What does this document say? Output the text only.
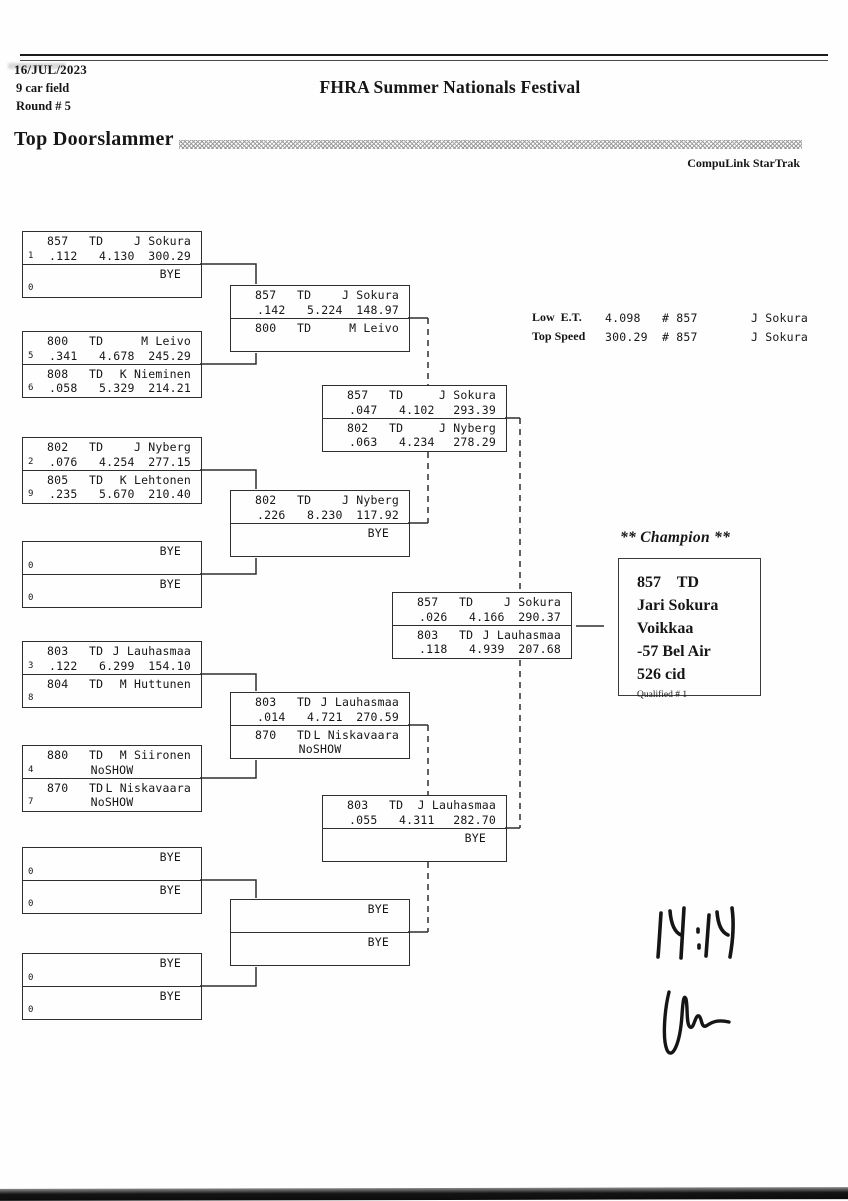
16/JUL/2023
9 car field
Round # 5
FHRA Summer Nationals Festival
Top Doorslammer
CompuLink StarTrak
Low  E.T. 4.098 # 857	J Sokura
Top Speed 300.29 # 857	J Sokura
857 TD	J Sokura
1 .112 4.130 300.29
BYE
0
800 TD	M Leivo
5 .341 4.678 245.29
808 TD K Nieminen
6 .058 5.329 214.21
802 TD	J Nyberg
2 .076 4.254 277.15
805 TD K Lehtonen
9 .235 5.670 210.40
BYE
0
BYE
0
803 TD J Lauhasmaa
3 .122 6.299 154.10
804 TD M Huttunen
8
880 TD M Siironen
4	NoSHOW
870 TD L Niskavaara
7	NoSHOW
BYE
0
BYE
0
BYE
0
BYE
0
857 TD	J Sokura
.142 5.224 148.97
800 TD	M Leivo
802 TD	J Nyberg
.226 8.230 117.92
BYE
803 TD J Lauhasmaa
.014 4.721 270.59
870 TD L Niskavaara
NoSHOW
BYE
BYE
857 TD	J Sokura
.047 4.102 293.39
802 TD	J Nyberg
.063 4.234 278.29
803 TD J Lauhasmaa
.055 4.311 282.70
BYE
857 TD	J Sokura
.026 4.166 290.37
803 TD J Lauhasmaa
.118 4.939 207.68
** Champion **
857    TD
Jari Sokura
Voikkaa
-57 Bel Air
526 cid
Qualified # 1
